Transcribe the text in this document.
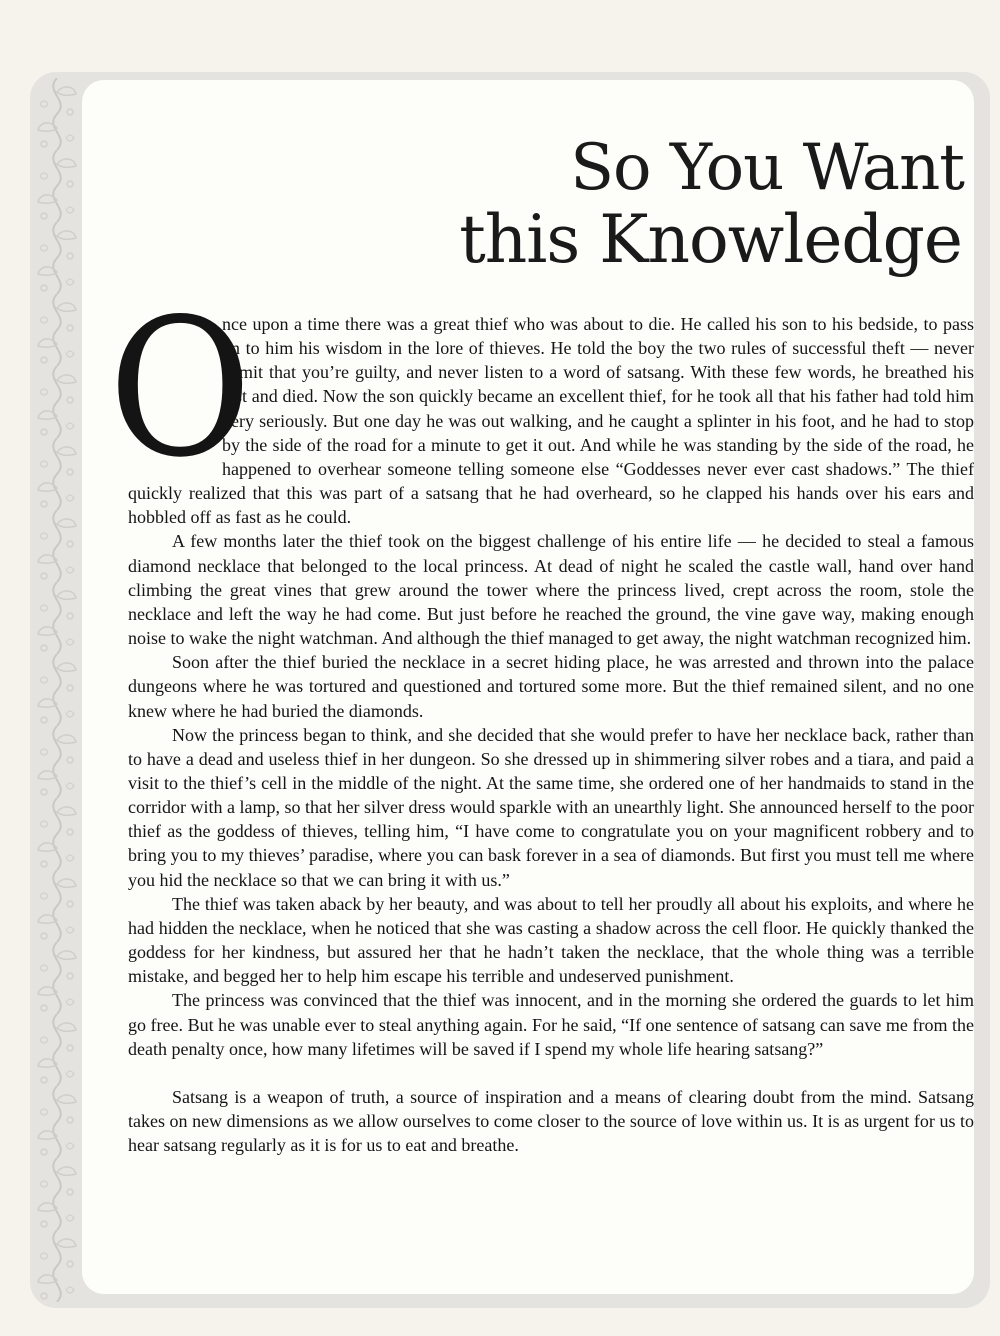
So You Want
this Knowledge

O
nce upon a time there was a great thief who was about to die. He called his son to his bedside, to pass on to him his wisdom in the lore of thieves. He told the boy the two rules of successful theft — never admit that you’re guilty, and never listen to a word of satsang. With these few words, he breathed his last and died. Now the son quickly became an excellent thief, for he took all that his father had told him very seriously. But one day he was out walking, and he caught a splinter in his foot, and he had to stop by the side of the road for a minute to get it out. And while he was standing by the side of the road, he happened to overhear someone telling someone else “Goddesses never ever cast shadows.” The thief quickly realized that this was part of a satsang that he had overheard, so he clapped his hands over his ears and hobbled off as fast as he could.

A few months later the thief took on the biggest challenge of his entire life — he decided to steal a famous diamond necklace that belonged to the local princess. At dead of night he scaled the castle wall, hand over hand climbing the great vines that grew around the tower where the princess lived, crept across the room, stole the necklace and left the way he had come. But just before he reached the ground, the vine gave way, making enough noise to wake the night watchman. And although the thief managed to get away, the night watchman recognized him.

Soon after the thief buried the necklace in a secret hiding place, he was arrested and thrown into the palace dungeons where he was tortured and questioned and tortured some more. But the thief remained silent, and no one knew where he had buried the diamonds.

Now the princess began to think, and she decided that she would prefer to have her necklace back, rather than to have a dead and useless thief in her dungeon. So she dressed up in shimmering silver robes and a tiara, and paid a visit to the thief’s cell in the middle of the night. At the same time, she ordered one of her handmaids to stand in the corridor with a lamp, so that her silver dress would sparkle with an unearthly light. She announced herself to the poor thief as the goddess of thieves, telling him, “I have come to congratulate you on your magnificent robbery and to bring you to my thieves’ paradise, where you can bask forever in a sea of diamonds. But first you must tell me where you hid the necklace so that we can bring it with us.”

The thief was taken aback by her beauty, and was about to tell her proudly all about his exploits, and where he had hidden the necklace, when he noticed that she was casting a shadow across the cell floor. He quickly thanked the goddess for her kindness, but assured her that he hadn’t taken the necklace, that the whole thing was a terrible mistake, and begged her to help him escape his terrible and undeserved punishment.

The princess was convinced that the thief was innocent, and in the morning she ordered the guards to let him go free. But he was unable ever to steal anything again. For he said, “If one sentence of satsang can save me from the death penalty once, how many lifetimes will be saved if I spend my whole life hearing satsang?”

Satsang is a weapon of truth, a source of inspiration and a means of clearing doubt from the mind. Satsang takes on new dimensions as we allow ourselves to come closer to the source of love within us. It is as urgent for us to hear satsang regularly as it is for us to eat and breathe.
